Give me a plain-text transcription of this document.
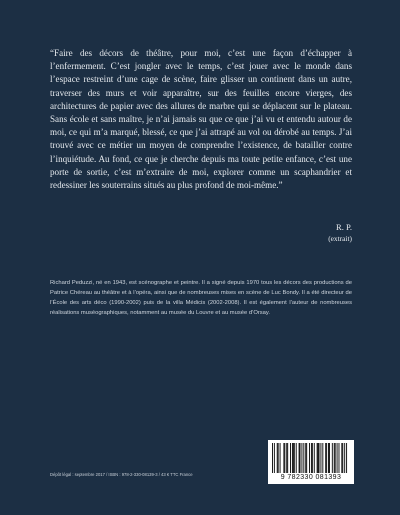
“Faire des décors de théâtre, pour moi, c’est une façon d’échapper à l’enfermement. C’est jongler avec le temps, c’est jouer avec le monde dans l’espace restreint d’une cage de scène, faire glisser un continent dans un autre, traverser des murs et voir apparaître, sur des feuilles encore vierges, des architectures de papier avec des allures de marbre qui se déplacent sur le plateau. Sans école et sans maître, je n’ai jamais su que ce que j’ai vu et entendu autour de moi, ce qui m’a marqué, blessé, ce que j’ai attrapé au vol ou dérobé au temps. J’ai trouvé avec ce métier un moyen de comprendre l’existence, de batailler contre l’inquiétude. Au fond, ce que je cherche depuis ma toute petite enfance, c’est une porte de sortie, c’est m’extraire de moi, explorer comme un scaphandrier et redessiner les souterrains situés au plus profond de moi-même.”

R. P.
(extrait)

Richard Peduzzi, né en 1943, est scénographe et peintre. Il a signé depuis 1970 tous les décors des productions de Patrice Chéreau au théâtre et à l’opéra, ainsi que de nombreuses mises en scène de Luc Bondy. Il a été directeur de l’École des arts déco (1990-2002) puis de la villa Médicis (2002-2008). Il est également l’auteur de nombreuses réalisations muséographiques, notamment au musée du Louvre et au musée d’Orsay.

Dépôt légal : septembre 2017 / ISBN : 978-2-330-08139-3 / 43 € TTC France	9 782330 081393
